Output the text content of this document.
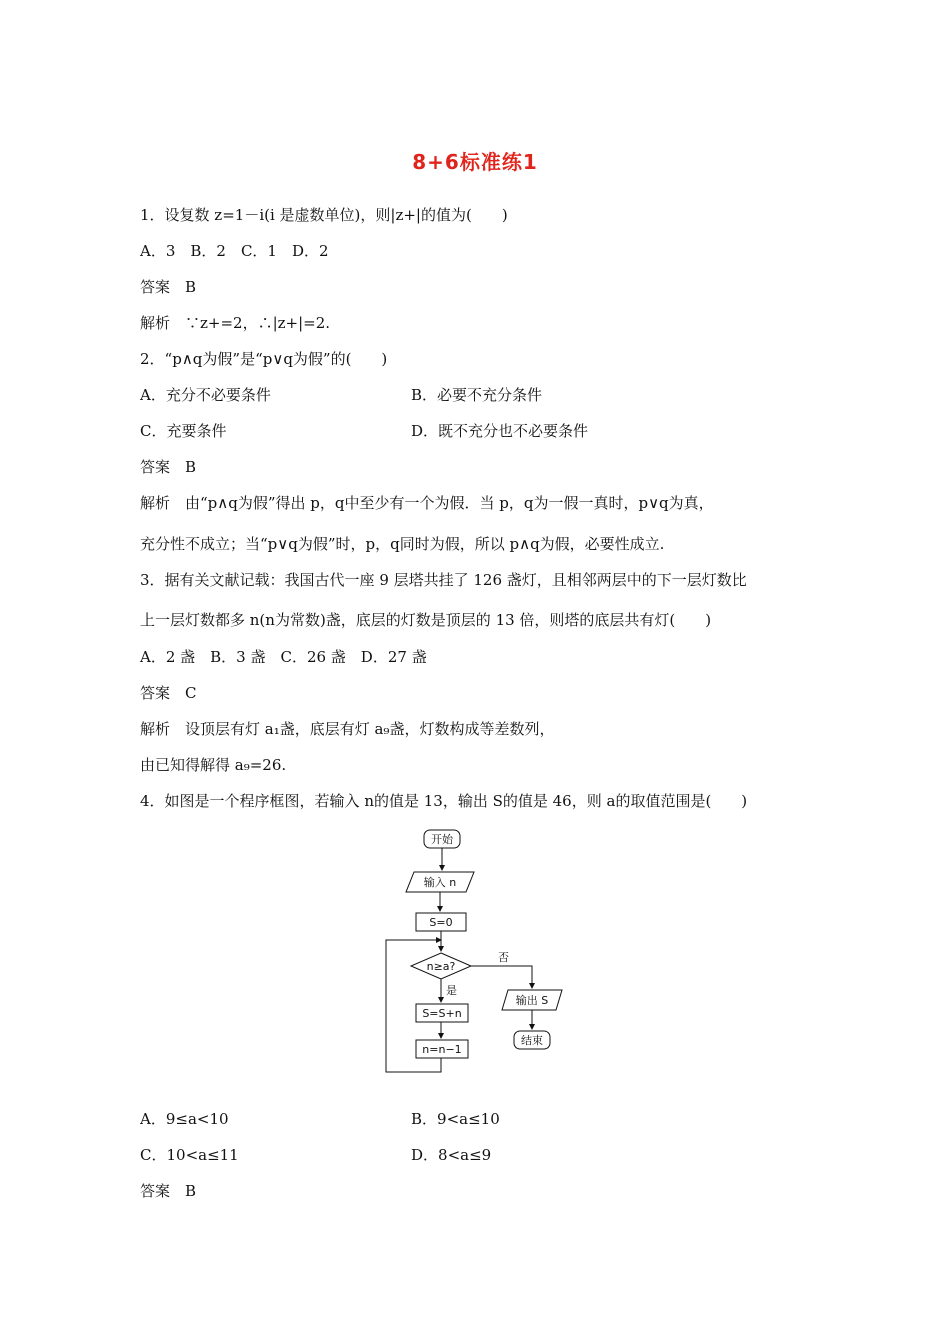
8+6标准练1
1．设复数 z=1－i(i 是虚数单位)，则|z+|的值为(　　)
A．3　B．2　C．1　D．2
答案　B
解析　∵z+=2，∴|z+|=2.
2．“p∧q为假”是“p∨q为假”的(　　)
A．充分不必要条件	B．必要不充分条件
C．充要条件	D．既不充分也不必要条件
答案　B
解析　由“p∧q为假”得出 p，q中至少有一个为假．当 p，q为一假一真时，p∨q为真，
充分性不成立；当“p∨q为假”时，p，q同时为假，所以 p∧q为假，必要性成立.
3．据有关文献记载：我国古代一座 9 层塔共挂了 126 盏灯，且相邻两层中的下一层灯数比
上一层灯数都多 n(n为常数)盏，底层的灯数是顶层的 13 倍，则塔的底层共有灯(　　)
A．2 盏　B．3 盏　C．26 盏　D．27 盏
答案　C
解析　设顶层有灯 a₁盏，底层有灯 a₉盏，灯数构成等差数列，
由已知得解得 a₉=26.
4．如图是一个程序框图，若输入 n的值是 13，输出 S的值是 46，则 a的取值范围是(　　)
开始
输入 n
S=0
n≥a?
否
输出 S
结束
是
S=S+n
n=n−1
A．9≤a<10	B．9<a≤10
C．10<a≤11	D．8<a≤9
答案　B
